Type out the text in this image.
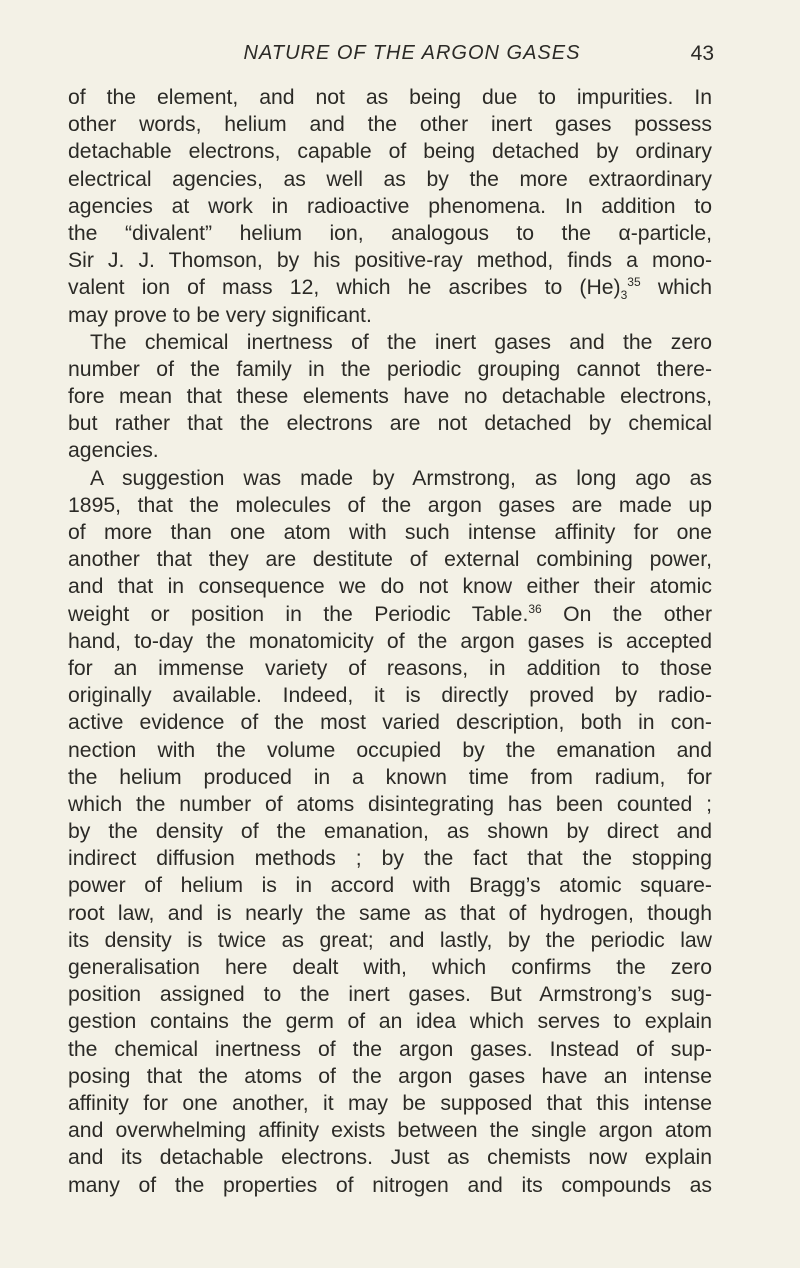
NATURE OF THE ARGON GASES	43
of the element, and not as being due to impurities. In
other words, helium and the other inert gases possess
detachable electrons, capable of being detached by ordinary
electrical agencies, as well as by the more extraordinary
agencies at work in radioactive phenomena. In addition to
the “divalent” helium ion, analogous to the α-particle,
Sir J. J. Thomson, by his positive-ray method, finds a mono-
valent ion of mass 12, which he ascribes to $(He)_3^{35}$ which
may prove to be very significant.
The chemical inertness of the inert gases and the zero
number of the family in the periodic grouping cannot there-
fore mean that these elements have no detachable electrons,
but rather that the electrons are not detached by chemical
agencies.
A suggestion was made by Armstrong, as long ago as
1895, that the molecules of the argon gases are made up
of more than one atom with such intense affinity for one
another that they are destitute of external combining power,
and that in consequence we do not know either their atomic
weight or position in the Periodic Table.$^{36}$ On the other
hand, to-day the monatomicity of the argon gases is accepted
for an immense variety of reasons, in addition to those
originally available. Indeed, it is directly proved by radio-
active evidence of the most varied description, both in con-
nection with the volume occupied by the emanation and
the helium produced in a known time from radium, for
which the number of atoms disintegrating has been counted ;
by the density of the emanation, as shown by direct and
indirect diffusion methods ; by the fact that the stopping
power of helium is in accord with Bragg’s atomic square-
root law, and is nearly the same as that of hydrogen, though
its density is twice as great; and lastly, by the periodic law
generalisation here dealt with, which confirms the zero
position assigned to the inert gases. But Armstrong’s sug-
gestion contains the germ of an idea which serves to explain
the chemical inertness of the argon gases. Instead of sup-
posing that the atoms of the argon gases have an intense
affinity for one another, it may be supposed that this intense
and overwhelming affinity exists between the single argon atom
and its detachable electrons. Just as chemists now explain
many of the properties of nitrogen and its compounds as
